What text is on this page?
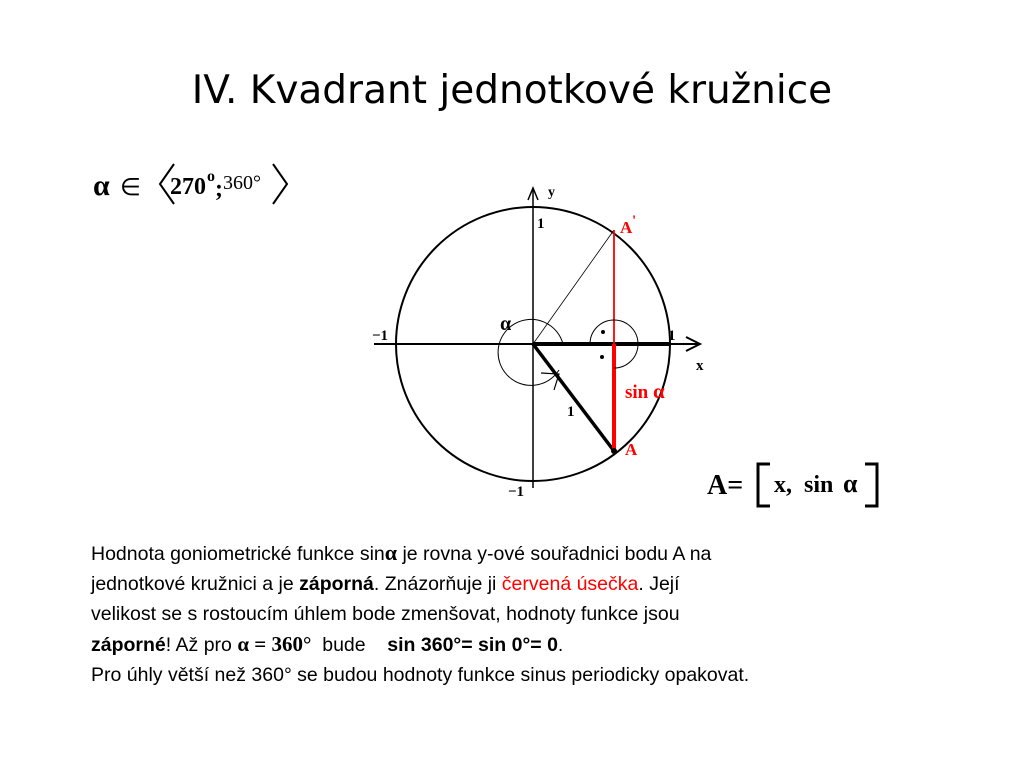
IV. Kvadrant jednotkové kružnice
α ∈ 270 o ; 360°	y
x
1
−1
−1	1
α
1
A '
A
sin α
A= x, sin α
Hodnota goniometrické funkce sinα je rovna y-ové souřadnici bodu A na
jednotkové kružnici a je záporná. Znázorňuje ji červená úsečka. Její
velikost se s rostoucím úhlem bode zmenšovat, hodnoty funkce jsou
záporné! Až pro α = 360°  bude    sin 360°= sin 0°= 0.
Pro úhly větší než 360° se budou hodnoty funkce sinus periodicky opakovat.
